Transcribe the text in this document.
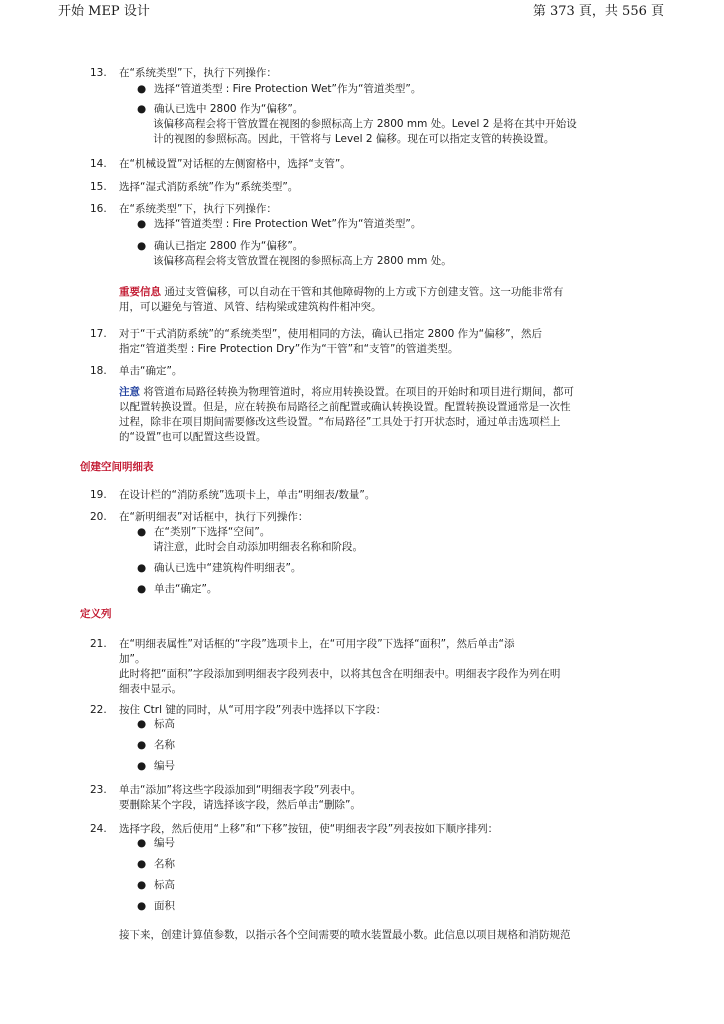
开始 MEP 设计	第 373 頁，共 556 頁
13.	在“系统类型”下，执行下列操作：
● 选择“管道类型 : Fire Protection Wet”作为“管道类型”。
● 确认已选中 2800 作为“偏移”。
该偏移高程会将干管放置在视图的参照标高上方 2800 mm 处。Level 2 是将在其中开始设
计的视图的参照标高。因此，干管将与 Level 2 偏移。现在可以指定支管的转换设置。
14.	在“机械设置”对话框的左侧窗格中，选择“支管”。
15.	选择“湿式消防系统”作为“系统类型”。
16.	在“系统类型”下，执行下列操作：
● 选择“管道类型 : Fire Protection Wet”作为“管道类型”。
● 确认已指定 2800 作为“偏移”。
该偏移高程会将支管放置在视图的参照标高上方 2800 mm 处。
重要信息 通过支管偏移，可以自动在干管和其他障碍物的上方或下方创建支管。这一功能非常有
用，可以避免与管道、风管、结构梁或建筑构件相冲突。
17.	对于“干式消防系统”的“系统类型”，使用相同的方法，确认已指定 2800 作为“偏移”，然后
指定“管道类型 : Fire Protection Dry”作为“干管”和“支管”的管道类型。
18.	单击“确定”。
注意 将管道布局路径转换为物理管道时，将应用转换设置。在项目的开始时和项目进行期间，都可
以配置转换设置。但是，应在转换布局路径之前配置或确认转换设置。配置转换设置通常是一次性
过程，除非在项目期间需要修改这些设置。“布局路径”工具处于打开状态时，通过单击选项栏上
的“设置”也可以配置这些设置。
创建空间明细表
19.	在设计栏的“消防系统”选项卡上，单击“明细表/数量”。
20.	在“新明细表”对话框中，执行下列操作：
● 在“类别”下选择“空间”。
请注意，此时会自动添加明细表名称和阶段。
● 确认已选中“建筑构件明细表”。
● 单击“确定”。
定义列
21.	在“明细表属性”对话框的“字段”选项卡上，在“可用字段”下选择“面积”，然后单击“添
加”。
此时将把“面积”字段添加到明细表字段列表中，以将其包含在明细表中。明细表字段作为列在明
细表中显示。
22.	按住 Ctrl 键的同时，从“可用字段”列表中选择以下字段：
● 标高
● 名称
● 编号
23.	单击“添加”将这些字段添加到“明细表字段”列表中。
要删除某个字段，请选择该字段，然后单击“删除”。
24.	选择字段，然后使用“上移”和“下移”按钮，使“明细表字段”列表按如下顺序排列：
● 编号
● 名称
● 标高
● 面积
接下来，创建计算值参数，以指示各个空间需要的喷水装置最小数。此信息以项目规格和消防规范
